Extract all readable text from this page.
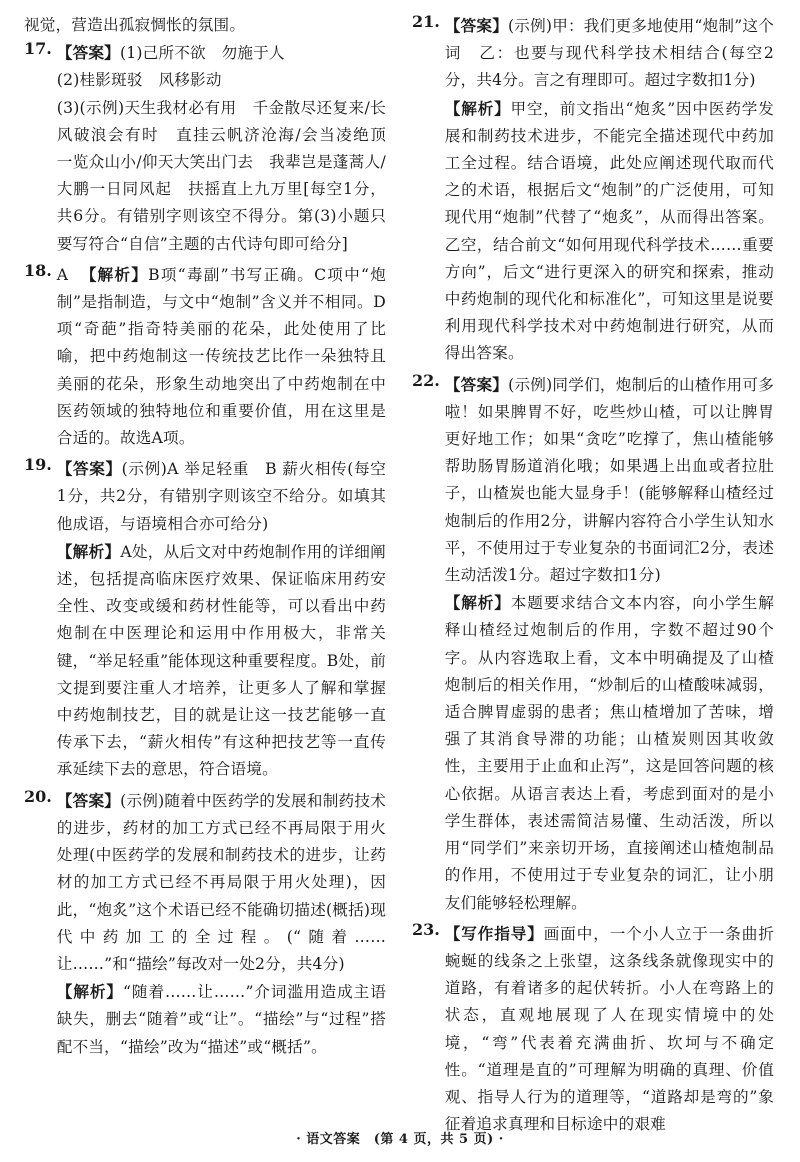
视觉，营造出孤寂惆怅的氛围。

17. 【答案】(1)己所不欲　勿施于人

(2)桂影斑驳　风移影动

(3)(示例)天生我材必有用　千金散尽还复来/长风破浪会有时　直挂云帆济沧海/会当凌绝顶　一览众山小/仰天大笑出门去　我辈岂是蓬蒿人/大鹏一日同风起　扶摇直上九万里[每空1分，共6分。有错别字则该空不得分。第(3)小题只要写符合“自信”主题的古代诗句即可给分]

18. A 【解析】B项“毒副”书写正确。C项中“炮制”是指制造，与文中“炮制”含义并不相同。D项“奇葩”指奇特美丽的花朵，此处使用了比喻，把中药炮制这一传统技艺比作一朵独特且美丽的花朵，形象生动地突出了中药炮制在中医药领域的独特地位和重要价值，用在这里是合适的。故选A项。

19. 【答案】(示例)A 举足轻重　B 薪火相传(每空1分，共2分，有错别字则该空不给分。如填其他成语，与语境相合亦可给分)

【解析】A处，从后文对中药炮制作用的详细阐述，包括提高临床医疗效果、保证临床用药安全性、改变或缓和药材性能等，可以看出中药炮制在中医理论和运用中作用极大，非常关键，“举足轻重”能体现这种重要程度。B处，前文提到要注重人才培养，让更多人了解和掌握中药炮制技艺，目的就是让这一技艺能够一直传承下去，“薪火相传”有这种把技艺等一直传承延续下去的意思，符合语境。

20. 【答案】(示例)随着中医药学的发展和制药技术的进步，药材的加工方式已经不再局限于用火处理(中医药学的发展和制药技术的进步，让药材的加工方式已经不再局限于用火处理)，因此，“炮炙”这个术语已经不能确切描述(概括)现代中药加工的全过程。(“随着……让……”和“描绘”每改对一处2分，共4分)

【解析】“随着……让……”介词滥用造成主语缺失，删去“随着”或“让”。“描绘”与“过程”搭配不当，“描绘”改为“描述”或“概括”。

21. 【答案】(示例)甲：我们更多地使用“炮制”这个词　乙：也要与现代科学技术相结合(每空2分，共4分。言之有理即可。超过字数扣1分)

【解析】甲空，前文指出“炮炙”因中医药学发展和制药技术进步，不能完全描述现代中药加工全过程。结合语境，此处应阐述现代取而代之的术语，根据后文“炮制”的广泛使用，可知现代用“炮制”代替了“炮炙”，从而得出答案。乙空，结合前文“如何用现代科学技术……重要方向”，后文“进行更深入的研究和探索，推动中药炮制的现代化和标准化”，可知这里是说要利用现代科学技术对中药炮制进行研究，从而得出答案。

22. 【答案】(示例)同学们，炮制后的山楂作用可多啦！如果脾胃不好，吃些炒山楂，可以让脾胃更好地工作；如果“贪吃”吃撑了，焦山楂能够帮助肠胃肠道消化哦；如果遇上出血或者拉肚子，山楂炭也能大显身手！(能够解释山楂经过炮制后的作用2分，讲解内容符合小学生认知水平，不使用过于专业复杂的书面词汇2分，表述生动活泼1分。超过字数扣1分)

【解析】本题要求结合文本内容，向小学生解释山楂经过炮制后的作用，字数不超过90个字。从内容选取上看，文本中明确提及了山楂炮制后的相关作用，“炒制后的山楂酸味减弱，适合脾胃虚弱的患者；焦山楂增加了苦味，增强了其消食导滞的功能；山楂炭则因其收敛性，主要用于止血和止泻”，这是回答问题的核心依据。从语言表达上看，考虑到面对的是小学生群体，表述需简洁易懂、生动活泼，所以用“同学们”来亲切开场，直接阐述山楂炮制品的作用，不使用过于专业复杂的词汇，让小朋友们能够轻松理解。

23. 【写作指导】画面中，一个小人立于一条曲折蜿蜒的线条之上张望，这条线条就像现实中的道路，有着诸多的起伏转折。小人在弯路上的状态，直观地展现了人在现实情境中的处境，“弯”代表着充满曲折、坎坷与不确定性。“道理是直的”可理解为明确的真理、价值观、指导人行为的道理等，“道路却是弯的”象征着追求真理和目标途中的艰难

· 语文答案　(第 4 页，共 5 页) ·
